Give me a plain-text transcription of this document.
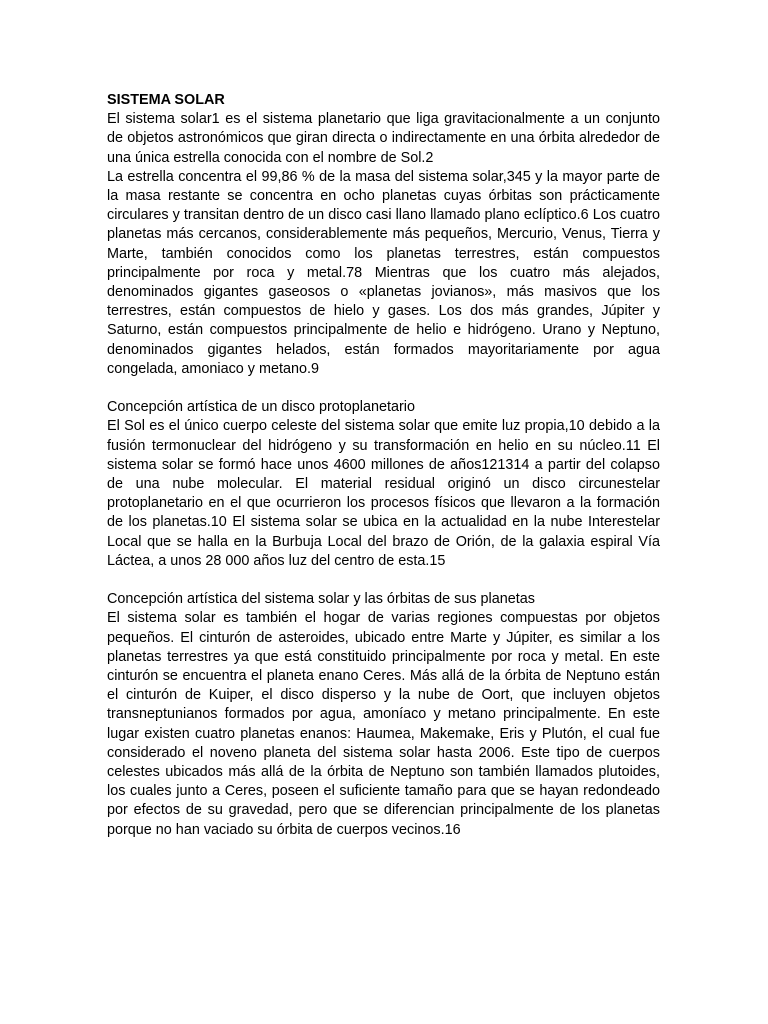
SISTEMA SOLAR

El sistema solar1 es el sistema planetario que liga gravitacionalmente a un conjunto de objetos astronómicos que giran directa o indirectamente en una órbita alrededor de una única estrella conocida con el nombre de Sol.2

La estrella concentra el 99,86 % de la masa del sistema solar,345 y la mayor parte de la masa restante se concentra en ocho planetas cuyas órbitas son prácticamente circulares y transitan dentro de un disco casi llano llamado plano eclíptico.6 Los cuatro planetas más cercanos, considerablemente más pequeños, Mercurio, Venus, Tierra y Marte, también conocidos como los planetas terrestres, están compuestos principalmente por roca y metal.78 Mientras que los cuatro más alejados, denominados gigantes gaseosos o «planetas jovianos», más masivos que los terrestres, están compuestos de hielo y gases. Los dos más grandes, Júpiter y Saturno, están compuestos principalmente de helio e hidrógeno. Urano y Neptuno, denominados gigantes helados, están formados mayoritariamente por agua congelada, amoniaco y metano.9

Concepción artística de un disco protoplanetario

El Sol es el único cuerpo celeste del sistema solar que emite luz propia,10 debido a la fusión termonuclear del hidrógeno y su transformación en helio en su núcleo.11 El sistema solar se formó hace unos 4600 millones de años121314 a partir del colapso de una nube molecular. El material residual originó un disco circunestelar protoplanetario en el que ocurrieron los procesos físicos que llevaron a la formación de los planetas.10 El sistema solar se ubica en la actualidad en la nube Interestelar Local que se halla en la Burbuja Local del brazo de Orión, de la galaxia espiral Vía Láctea, a unos 28 000 años luz del centro de esta.15

Concepción artística del sistema solar y las órbitas de sus planetas

El sistema solar es también el hogar de varias regiones compuestas por objetos pequeños. El cinturón de asteroides, ubicado entre Marte y Júpiter, es similar a los planetas terrestres ya que está constituido principalmente por roca y metal. En este cinturón se encuentra el planeta enano Ceres. Más allá de la órbita de Neptuno están el cinturón de Kuiper, el disco disperso y la nube de Oort, que incluyen objetos transneptunianos formados por agua, amoníaco y metano principalmente. En este lugar existen cuatro planetas enanos: Haumea, Makemake, Eris y Plutón, el cual fue considerado el noveno planeta del sistema solar hasta 2006. Este tipo de cuerpos celestes ubicados más allá de la órbita de Neptuno son también llamados plutoides, los cuales junto a Ceres, poseen el suficiente tamaño para que se hayan redondeado por efectos de su gravedad, pero que se diferencian principalmente de los planetas porque no han vaciado su órbita de cuerpos vecinos.16
